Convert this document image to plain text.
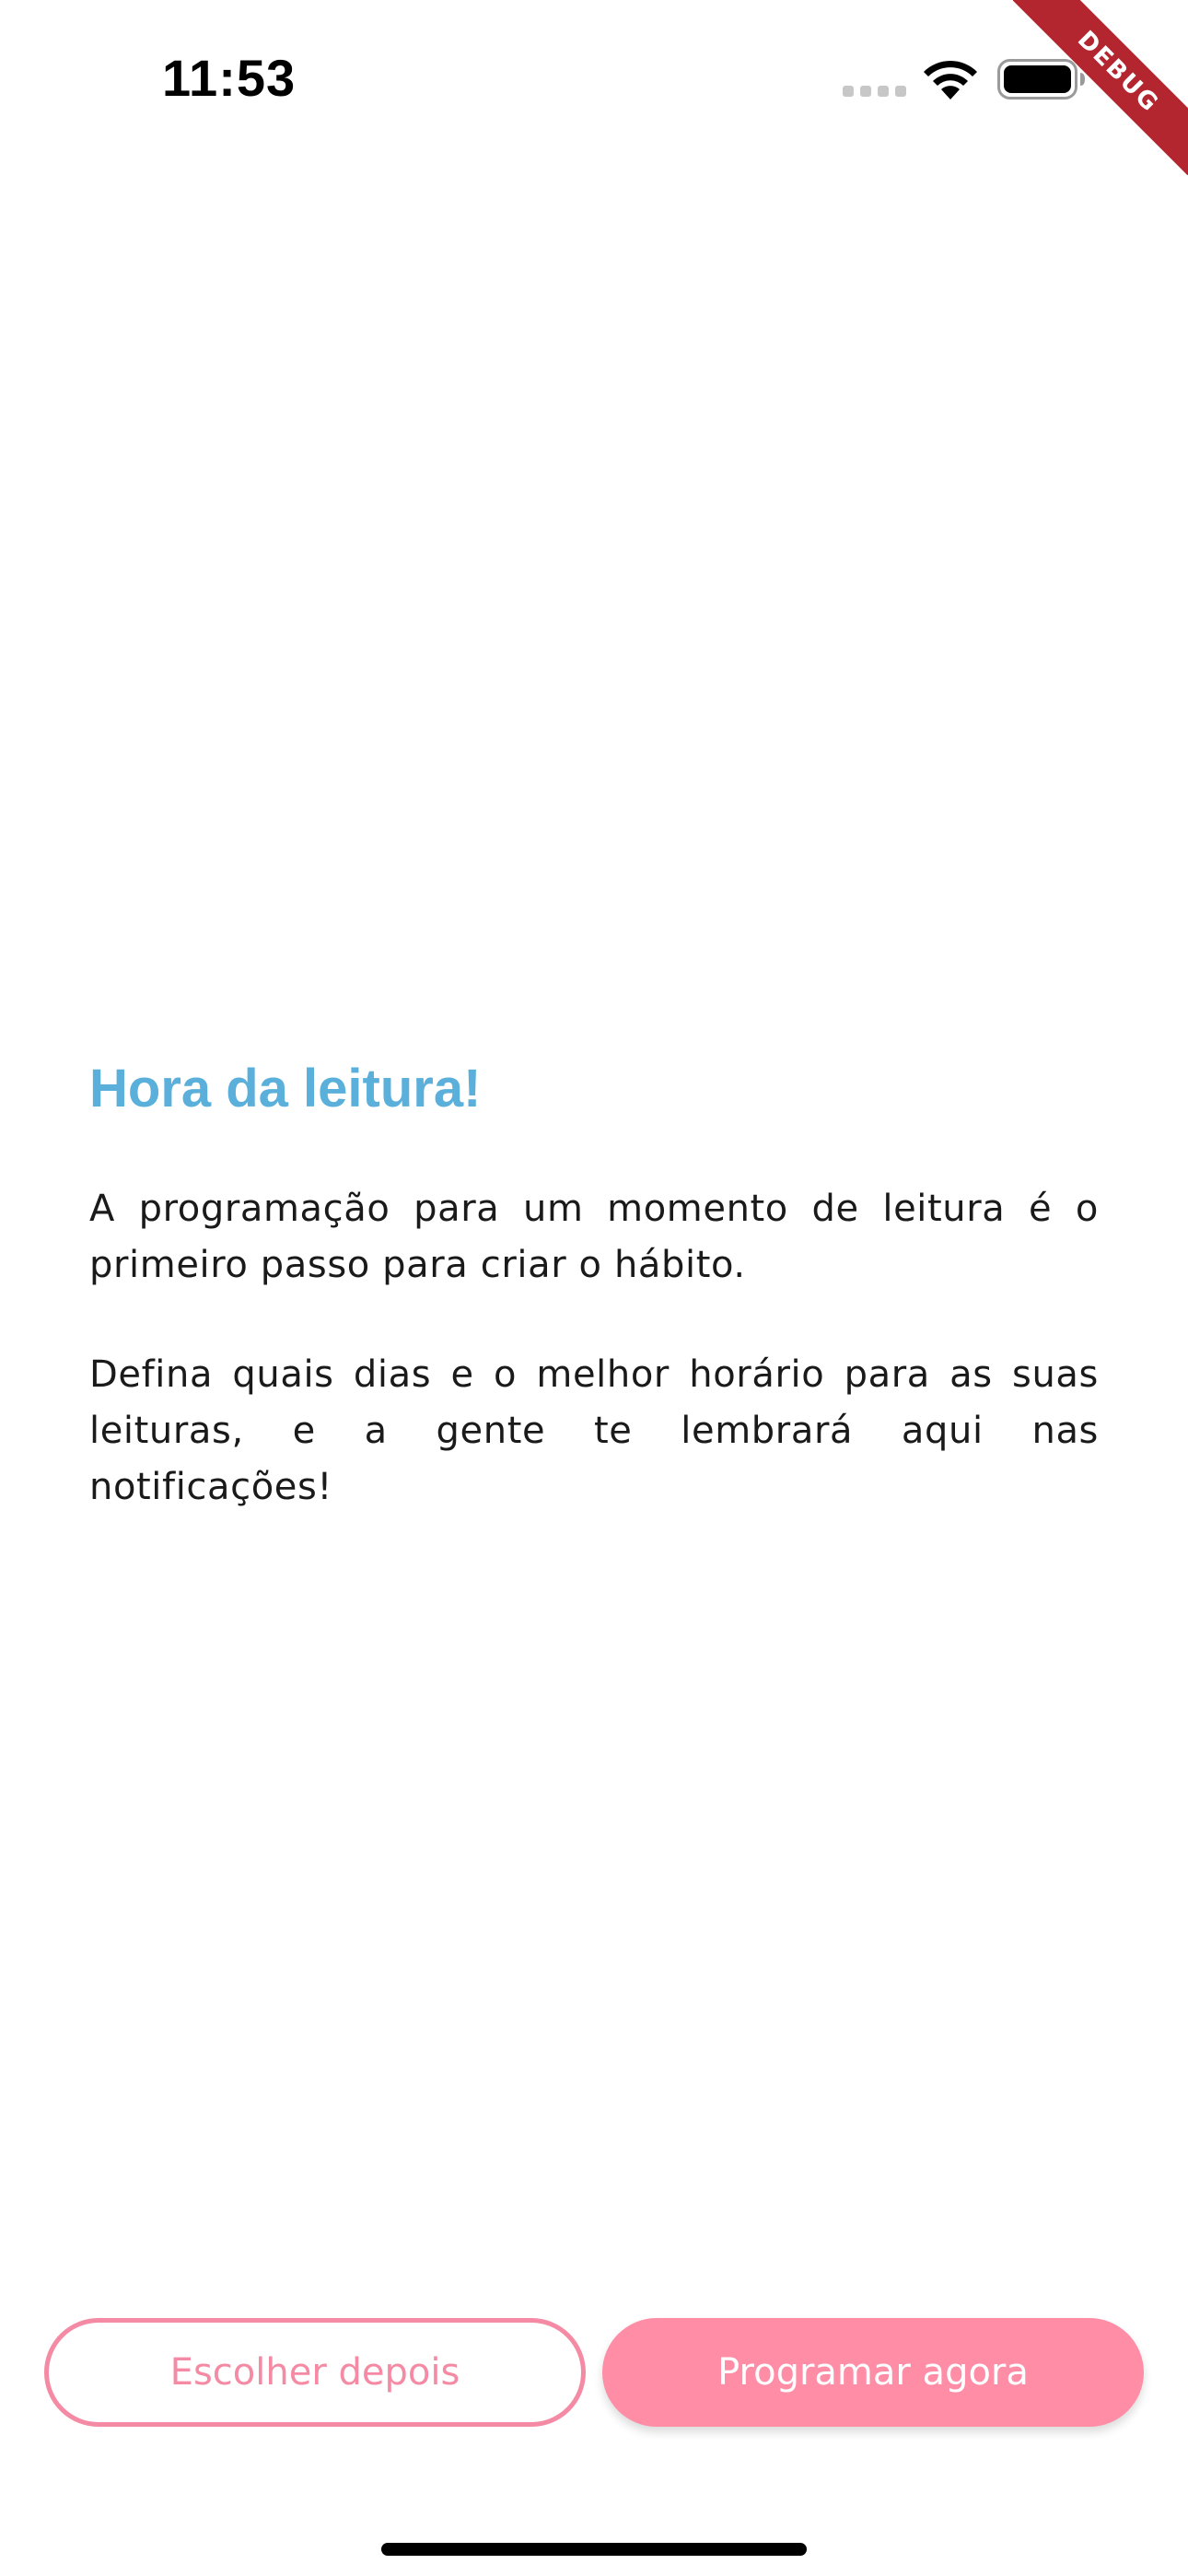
11:53	DEBUG
Hora da leitura!

A programação para um momento de leitura é o primeiro passo para criar o hábito.

Defina quais dias e o melhor horário para as suas leituras, e a gente te lembrará aqui nas notificações!

Escolher depois	Programar agora
